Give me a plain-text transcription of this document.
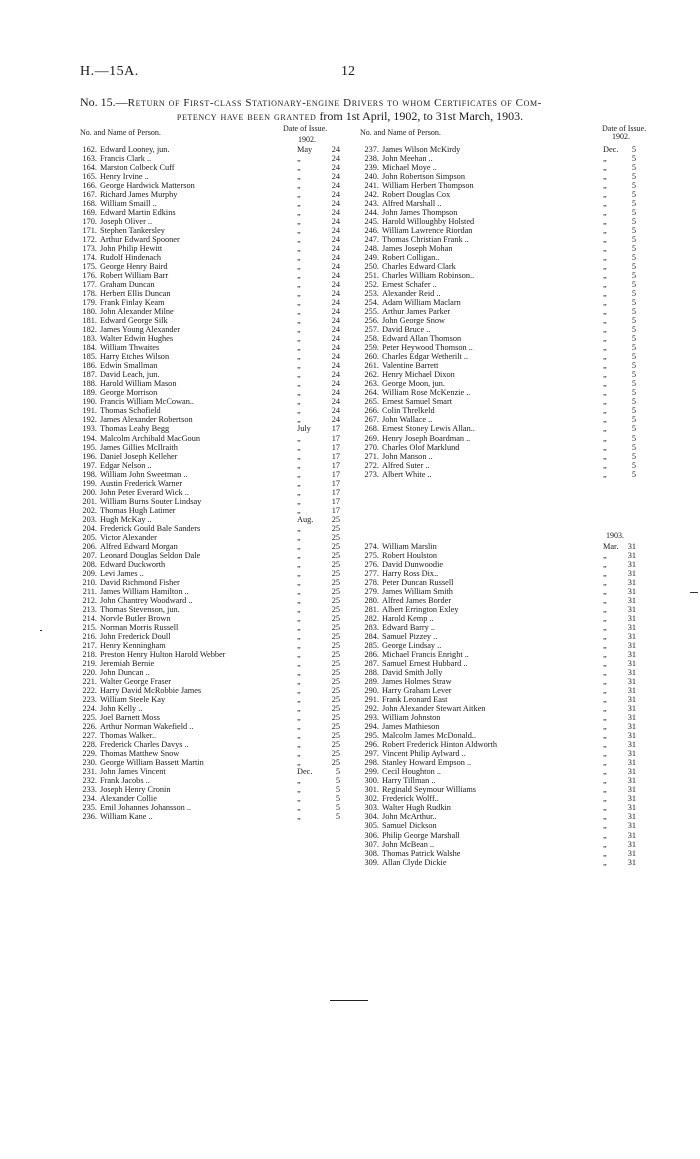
H.—15A.	12
No. 15.—Return of First-class Stationary-engine Drivers to whom Certificates of Com-
petency have been granted from 1st April, 1902, to 31st March, 1903.
No. and Name of Person.	Date of Issue.
1902.
No. and Name of Person.	Date of Issue.
1902.
162. Edward Looney, jun.	May	24
163. Francis Clark ..	„	24
164. Marston Colbeck Cuff	„	24
165. Henry Irvine ..	„	24
166. George Hardwick Matterson	„	24
167. Richard James Murphy	„	24
168. William Smaill ..	„	24
169. Edward Martin Edkins	„	24
170. Joseph Oliver ..	„	24
171. Stephen Tankersley	„	24
172. Arthur Edward Spooner	„	24
173. John Philip Hewitt	„	24
174. Rudolf Hindenach	„	24
175. George Henry Baird	„	24
176. Robert William Barr	„	24
177. Graham Duncan	„	24
178. Herbert Ellis Duncan	„	24
179. Frank Finlay Keam	„	24
180. John Alexander Milne	„	24
181. Edward George Silk	„	24
182. James Young Alexander	„	24
183. Walter Edwin Hughes	„	24
184. William Thwaites	„	24
185. Harry Etches Wilson	„	24
186. Edwin Smallman	„	24
187. David Leach, jun.	„	24
188. Harold William Mason	„	24
189. George Morrison	„	24
190. Francis William McCowan..	„	24
191. Thomas Schofield	„	24
192. James Alexander Robertson	„	24
193. Thomas Leahy Begg	July	17
194. Malcolm Archibald MacGoun	„	17
195. James Gillies McIlraith	„	17
196. Daniel Joseph Kelleher	„	17
197. Edgar Nelson ..	„	17
198. William John Sweetman ..	„	17
199. Austin Frederick Warner	„	17
200. John Peter Everard Wick ..	„	17
201. William Burns Souter Lindsay	„	17
202. Thomas Hugh Latimer	„	17
203. Hugh McKay ..	Aug.	25
204. Frederick Gould Bale Sanders	„	25
205. Victor Alexander	„	25
206. Alfred Edward Morgan	„	25
207. Leonard Douglas Seldon Dale	„	25
208. Edward Duckworth	„	25
209. Levi James ..	„	25
210. David Richmond Fisher	„	25
211. James William Hamilton ..	„	25
212. John Chantrey Woodward ..	„	25
213. Thomas Stevenson, jun.	„	25
214. Norvle Butler Brown	„	25
215. Norman Morris Russell	„	25
216. John Frederick Doull	„	25
217. Henry Kenningham	„	25
218. Preston Henry Hulton Harold Webber	„	25
219. Jeremiah Bernie	„	25
220. John Duncan ..	„	25
221. Walter George Fraser	„	25
222. Harry David McRobbie James	„	25
223. William Steele Kay	„	25
224. John Kelly ..	„	25
225. Joel Barnett Moss	„	25
226. Arthur Norman Wakefield ..	„	25
227. Thomas Walker..	„	25
228. Frederick Charles Davys ..	„	25
229. Thomas Matthew Snow	„	25
230. George William Bassett Martin	„	25
231. John James Vincent	Dec.	5
232. Frank Jacobs ..	„	5
233. Joseph Henry Cronin	„	5
234. Alexander Collie	„	5
235. Emil Johannes Johansson ..	„	5
236. William Kane ..	„	5
237. James Wilson McKirdy	Dec.	5
238. John Meehan ..	„	5
239. Michael Moye ..	„	5
240. John Robertson Simpson	„	5
241. William Herbert Thompson	„	5
242. Robert Douglas Cox	„	5
243. Alfred Marshall ..	„	5
244. John James Thompson	„	5
245. Harold Willoughby Holsted	„	5
246. William Lawrence Riordan	„	5
247. Thomas Christian Frank ..	„	5
248. James Joseph Mohan	„	5
249. Robert Colligan..	„	5
250. Charles Edward Clark	„	5
251. Charles William Robinson..	„	5
252. Ernest Schafer ..	„	5
253. Alexander Reid ..	„	5
254. Adam William Maclarn	„	5
255. Arthur James Parker	„	5
256. John George Snow	„	5
257. David Bruce ..	„	5
258. Edward Allan Thomson	„	5
259. Peter Heywood Thomson ..	„	5
260. Charles Edgar Wetherilt ..	„	5
261. Valentine Barrett	„	5
262. Henry Michael Dixon	„	5
263. George Moon, jun.	„	5
264. William Rose McKenzie ..	„	5
265. Ernest Samuel Smart	„	5
266. Colin Threlkeld	„	5
267. John Wallace ..	„	5
268. Ernest Stoney Lewis Allan..	„	5
269. Henry Joseph Boardman ..	„	5
270. Charles Olof Marklund	„	5
271. John Manson ..	„	5
272. Alfred Suter ..	„	5
273. Albert White ..	„	5
274. William Marslin	Mar.	31
275. Robert Houlston	„	31
276. David Dunwoodie	„	31
277. Harry Ross Dix..	„	31
278. Peter Duncan Russell	„	31
279. James William Smith	„	31
280. Alfred James Border	„	31
281. Albert Errington Exley	„	31
282. Harold Kemp ..	„	31
283. Edward Barry ..	„	31
284. Samuel Pizzey ..	„	31
285. George Lindsay ..	„	31
286. Michael Francis Enright ..	„	31
287. Samuel Ernest Hubbard ..	„	31
288. David Smith Jolly	„	31
289. James Holmes Straw	„	31
290. Harry Graham Lever	„	31
291. Frank Leonard East	„	31
292. John Alexander Stewart Aitken	„	31
293. William Johnston	„	31
294. James Mathieson	„	31
295. Malcolm James McDonald..	„	31
296. Robert Frederick Hinton Aldworth	„	31
297. Vincent Philip Aylward ..	„	31
298. Stanley Howard Empson ..	„	31
299. Cecil Houghton ..	„	31
300. Harry Tillman ..	„	31
301. Reginald Seymour Williams	„	31
302. Frederick Wolff..	„	31
303. Walter Hugh Rudkin	„	31
304. John McArthur..	„	31
305. Samuel Dickson	„	31
306. Philip George Marshall	„	31
307. John McBean ..	„	31
308. Thomas Patrick Walshe	„	31
309. Allan Clyde Dickie	„	31
1903.
